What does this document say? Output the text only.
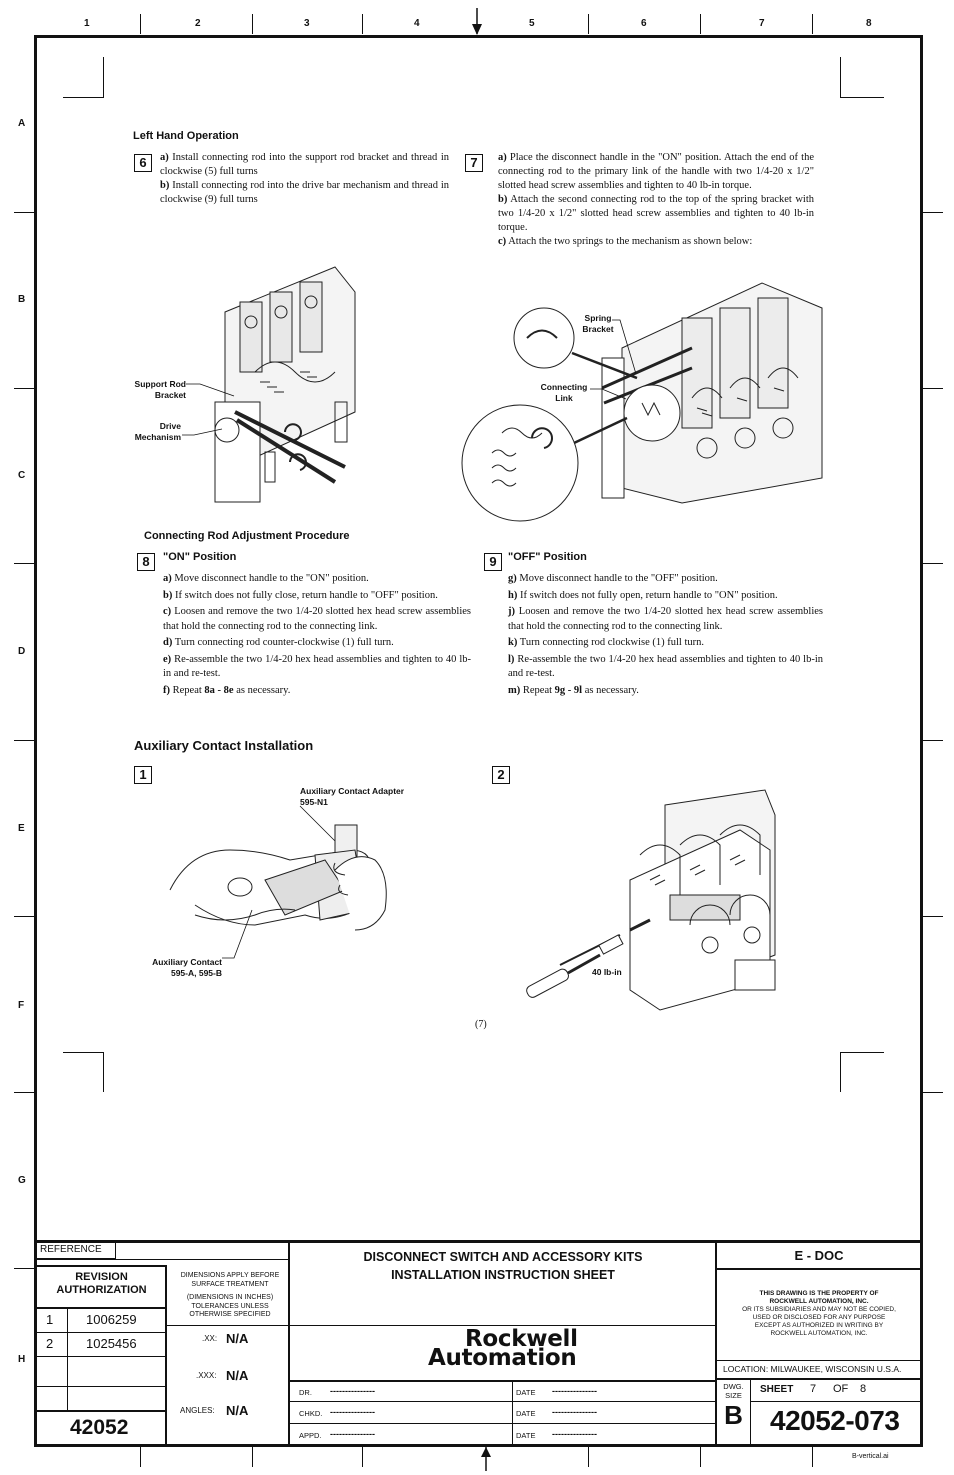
1	2	3	4	5	6	7	8
A
B
C
D
E
F
G
H
Left Hand Operation
6	a) Install connecting rod into the support rod bracket and thread in clockwise (5) full turns

b) Install connecting rod into the drive bar mechanism and thread in clockwise (9) full turns

7	a) Place the disconnect handle in the "ON" position. Attach the end of the connecting rod to the primary link of the handle with two 1/4-20 x 1/2" slotted head screw assemblies and tighten to 40 lb-in torque.

b) Attach the second connecting rod to the top of the spring bracket with two 1/4-20 x 1/2" slotted head screw assemblies and tighten to 40 lb-in torque.

c) Attach the two springs to the mechanism as shown below:

Support Rod
Bracket
Drive
Mechanism
Spring
Bracket
Connecting
Link
Connecting Rod Adjustment Procedure
8	"ON" Position

a) Move disconnect handle to the "ON" position.

b) If switch does not fully close, return handle to "OFF" position.

c) Loosen and remove the two 1/4-20 slotted hex head screw assemblies that hold the connecting rod to the connecting link.

d) Turn connecting rod counter-clockwise (1) full turn.

e) Re-assemble the two 1/4-20 hex head assemblies and tighten to 40 lb-in and re-test.

f) Repeat 8a - 8e as necessary.

9	"OFF" Position

g) Move disconnect handle to the "OFF" position.

h) If switch does not fully open, return handle to "ON" position.

j) Loosen and remove the two 1/4-20 slotted hex head screw assemblies that hold the connecting rod to the connecting link.

k) Turn connecting rod clockwise (1) full turn.

l) Re-assemble the two 1/4-20 hex head assemblies and tighten to 40 lb-in and re-test.

m) Repeat 9g - 9l as necessary.

Auxiliary Contact Installation
1	2
Auxiliary Contact Adapter
595-N1
Auxiliary Contact
595-A, 595-B	40 lb-in
(7)
REFERENCE
REVISION
AUTHORIZATION
1	1006259
2	1025456
42052
DIMENSIONS APPLY BEFORE
SURFACE TREATMENT
(DIMENSIONS IN INCHES)
TOLERANCES UNLESS
OTHERWISE SPECIFIED
.XX: N/A
.XXX: N/A
ANGLES: N/A
DISCONNECT SWITCH AND ACCESSORY KITS
INSTALLATION INSTRUCTION SHEET
Rockwell
Automation
DR. ---------------	DATE ---------------
CHKD. ---------------	DATE ---------------
APPD. ---------------	DATE ---------------
E - DOC
THIS DRAWING IS THE PROPERTY OF
ROCKWELL AUTOMATION, INC.
OR ITS SUBSIDIARIES AND MAY NOT BE COPIED,
USED OR DISCLOSED FOR ANY PURPOSE
EXCEPT AS AUTHORIZED IN WRITING BY
ROCKWELL AUTOMATION, INC.
LOCATION: MILWAUKEE, WISCONSIN U.S.A.
DWG.
SIZE
B
SHEET 7 OF 8
42052-073
B-vertical.ai
